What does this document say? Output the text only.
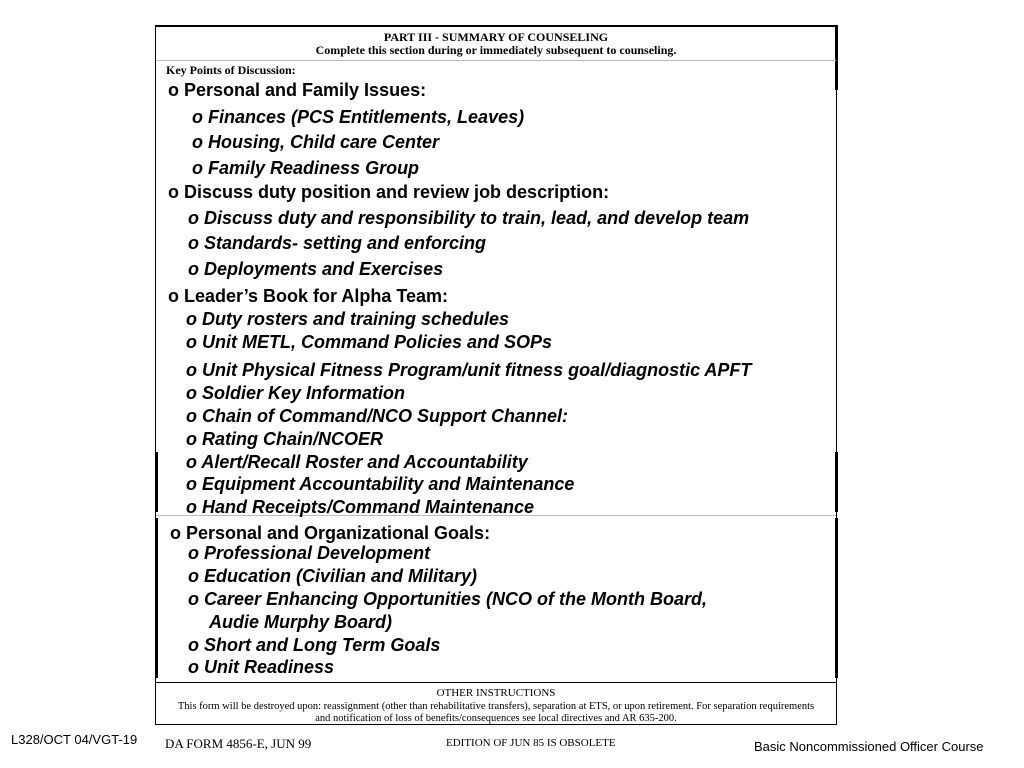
PART III - SUMMARY OF COUNSELING
Complete this section during or immediately subsequent to counseling.
Key Points of Discussion:
o Personal and Family Issues:
o Finances (PCS Entitlements, Leaves)
o Housing, Child care Center
o Family Readiness Group
o Discuss duty position and review job description:
o Discuss duty and responsibility to train, lead, and develop team
o Standards- setting and enforcing
o Deployments and Exercises
o Leader’s Book for Alpha Team:
o Duty rosters and training schedules
o Unit METL, Command Policies and SOPs
o Unit Physical Fitness Program/unit fitness goal/diagnostic APFT
o Soldier Key Information
o Chain of Command/NCO Support Channel:
o Rating Chain/NCOER
o Alert/Recall Roster and Accountability
o Equipment Accountability and Maintenance
o Hand Receipts/Command Maintenance
o Personal and Organizational Goals:
o Professional Development
o Education (Civilian and Military)
o Career Enhancing Opportunities (NCO of the Month Board,
Audie Murphy Board)
o Short and Long Term Goals
o Unit Readiness
OTHER INSTRUCTIONS
This form will be destroyed upon: reassignment (other than rehabilitative transfers), separation at ETS, or upon retirement. For separation requirements and notification of loss of benefits/consequences see local directives and AR 635-200.
L328/OCT 04/VGT-19 DA FORM 4856-E, JUN 99	EDITION OF JUN 85 IS OBSOLETE	Basic Noncommissioned Officer Course
